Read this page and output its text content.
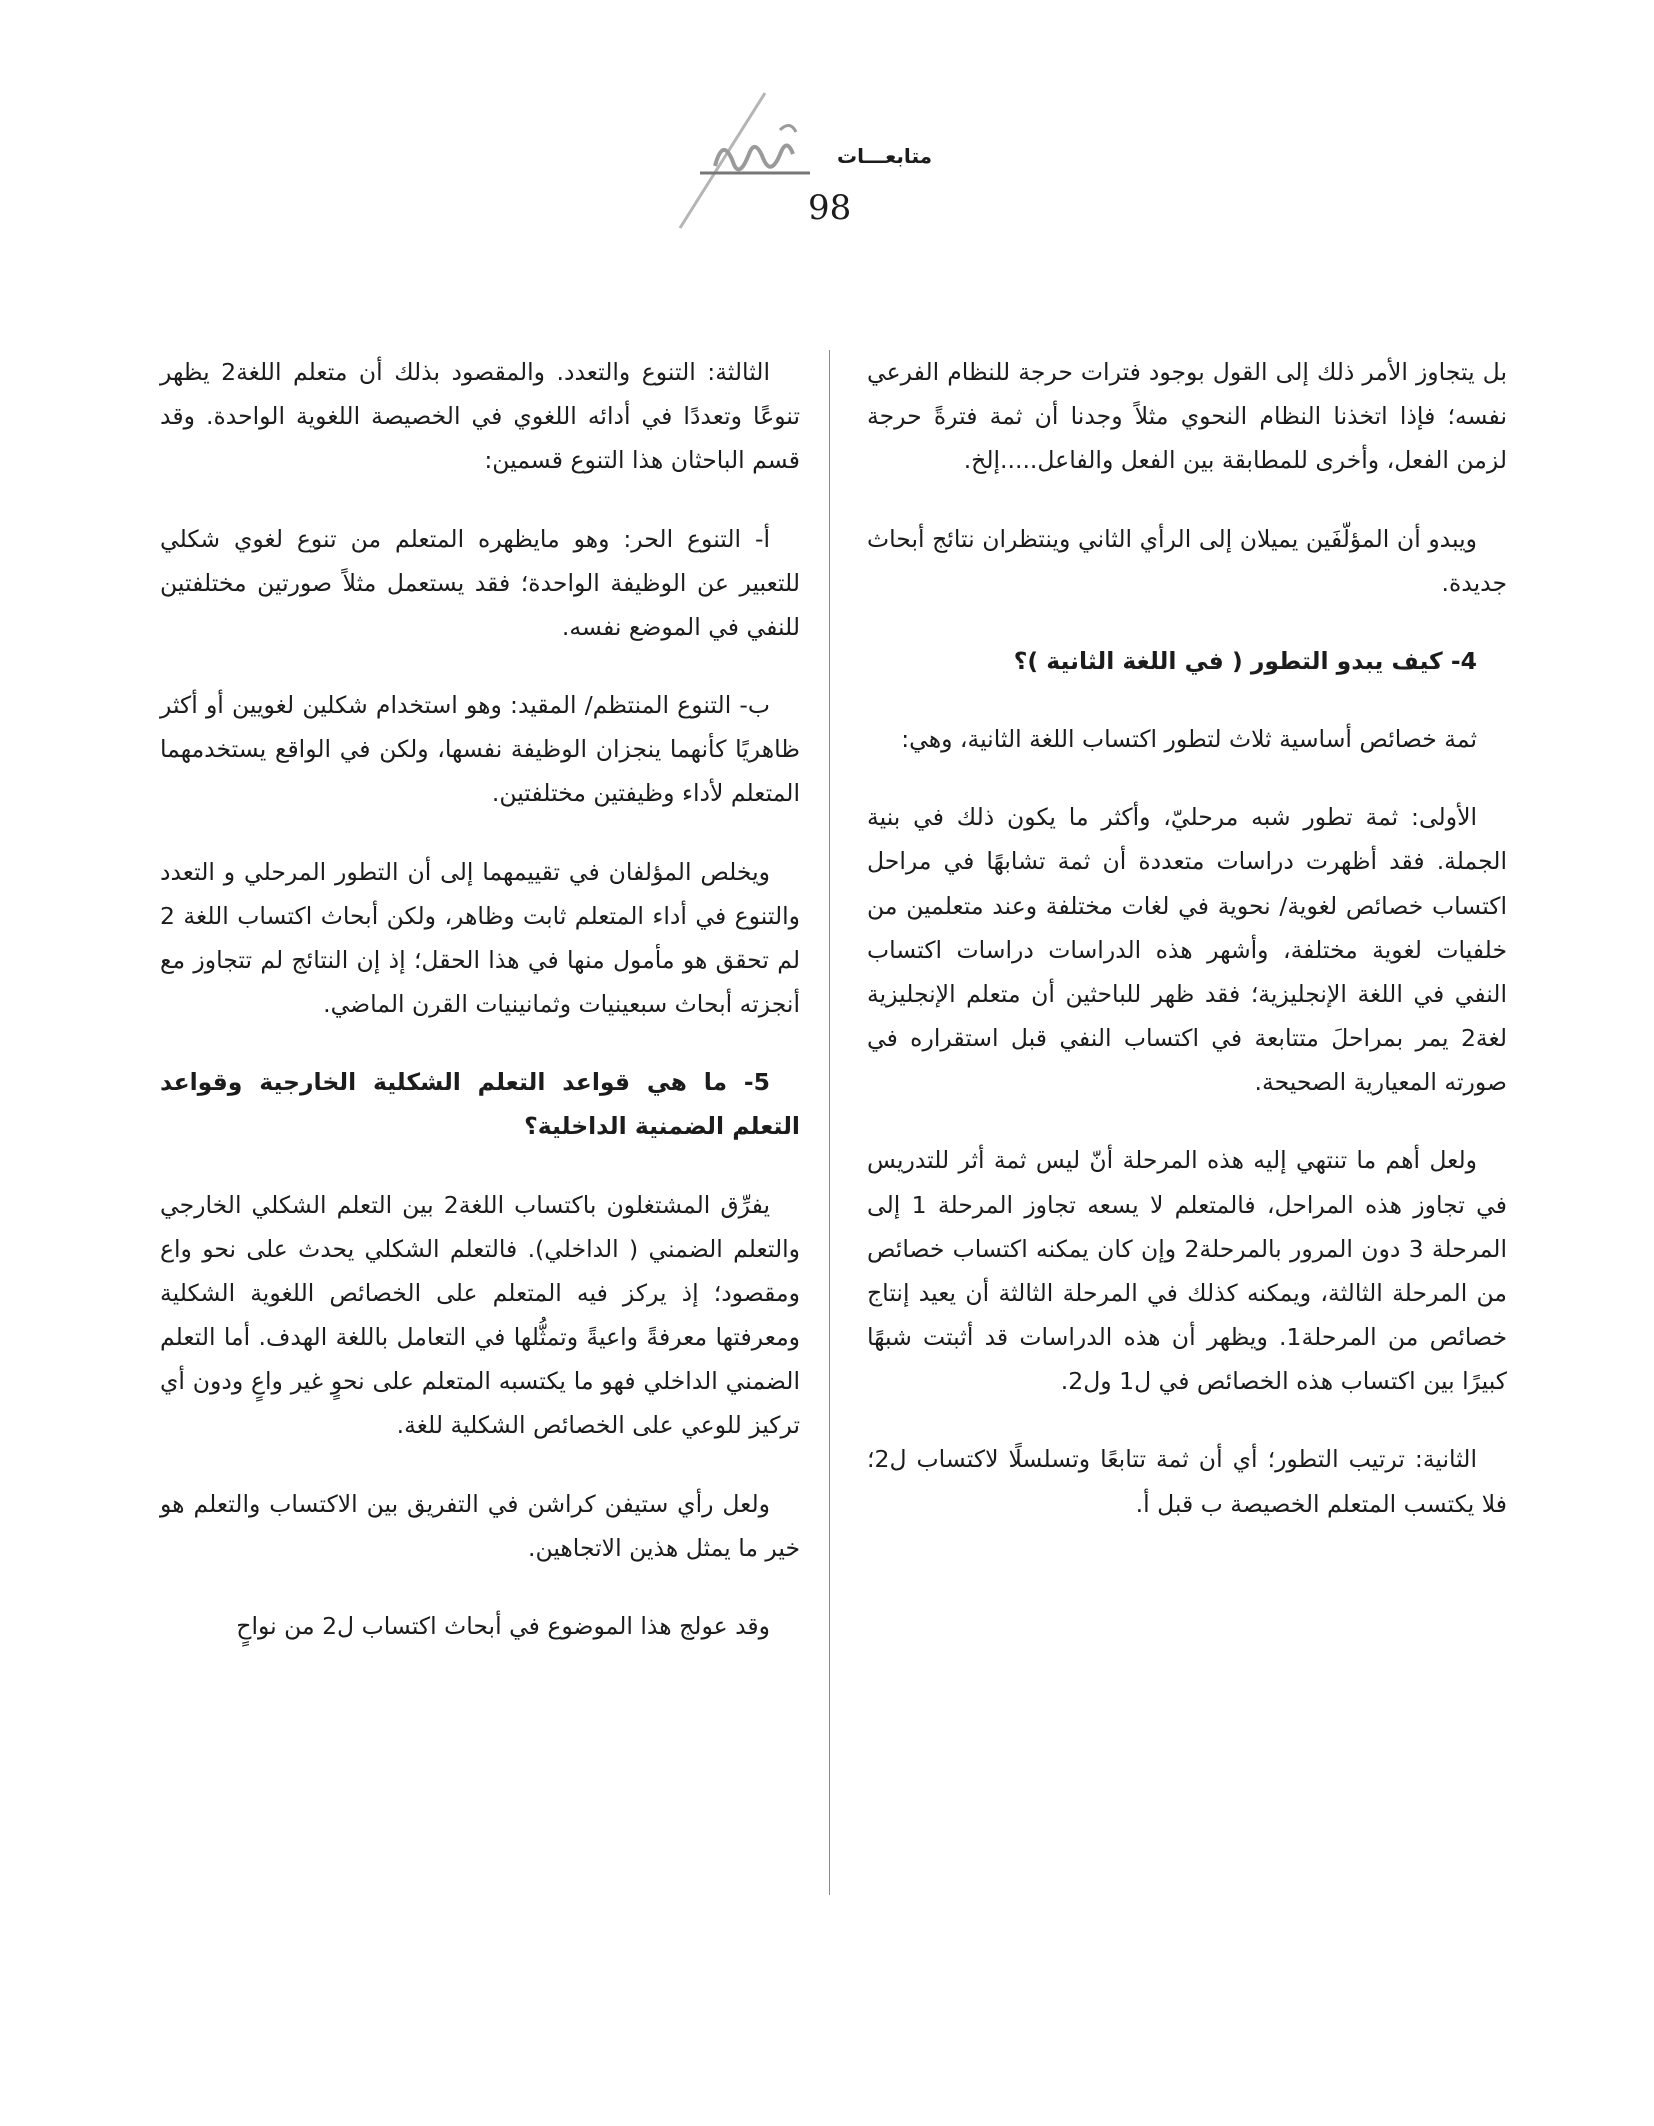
متابعـــات
98

بل يتجاوز الأمر ذلك إلى القول بوجود فترات حرجة للنظام الفرعي نفسه؛ فإذا اتخذنا النظام النحوي مثلاً وجدنا أن ثمة فترةً حرجة لزمن الفعل، وأخرى للمطابقة بين الفعل والفاعل.....إلخ.

ويبدو أن المؤلّفَين يميلان إلى الرأي الثاني وينتظران نتائج أبحاث جديدة.

4- كيف يبدو التطور ( في اللغة الثانية )؟

ثمة خصائص أساسية ثلاث لتطور اكتساب اللغة الثانية، وهي:

الأولى: ثمة تطور شبه مرحليّ، وأكثر ما يكون ذلك في بنية الجملة. فقد أظهرت دراسات متعددة أن ثمة تشابهًا في مراحل اكتساب خصائص لغوية/ نحوية في لغات مختلفة وعند متعلمين من خلفيات لغوية مختلفة، وأشهر هذه الدراسات دراسات اكتساب النفي في اللغة الإنجليزية؛ فقد ظهر للباحثين أن متعلم الإنجليزية لغة2 يمر بمراحلَ متتابعة في اكتساب النفي قبل استقراره في صورته المعيارية الصحيحة.

ولعل أهم ما تنتهي إليه هذه المرحلة أنّ ليس ثمة أثر للتدريس في تجاوز هذه المراحل، فالمتعلم لا يسعه تجاوز المرحلة 1 إلى المرحلة 3 دون المرور بالمرحلة2 وإن كان يمكنه اكتساب خصائص من المرحلة الثالثة، ويمكنه كذلك في المرحلة الثالثة أن يعيد إنتاج خصائص من المرحلة1. ويظهر أن هذه الدراسات قد أثبتت شبهًا كبيرًا بين اكتساب هذه الخصائص في ل1 ول2.

الثانية: ترتيب التطور؛ أي أن ثمة تتابعًا وتسلسلًا لاكتساب ل2؛ فلا يكتسب المتعلم الخصيصة ب قبل أ.

الثالثة: التنوع والتعدد. والمقصود بذلك أن متعلم اللغة2 يظهر تنوعًا وتعددًا في أدائه اللغوي في الخصيصة اللغوية الواحدة. وقد قسم الباحثان هذا التنوع قسمين:

أ- التنوع الحر: وهو مايظهره المتعلم من تنوع لغوي شكلي للتعبير عن الوظيفة الواحدة؛ فقد يستعمل مثلاً صورتين مختلفتين للنفي في الموضع نفسه.

ب- التنوع المنتظم/ المقيد: وهو استخدام شكلين لغويين أو أكثر ظاهريًا كأنهما ينجزان الوظيفة نفسها، ولكن في الواقع يستخدمهما المتعلم لأداء وظيفتين مختلفتين.

ويخلص المؤلفان في تقييمهما إلى أن التطور المرحلي و التعدد والتنوع في أداء المتعلم ثابت وظاهر، ولكن أبحاث اكتساب اللغة 2 لم تحقق هو مأمول منها في هذا الحقل؛ إذ إن النتائج لم تتجاوز مع أنجزته أبحاث سبعينيات وثمانينيات القرن الماضي.

5- ما هي قواعد التعلم الشكلية الخارجية وقواعد التعلم الضمنية الداخلية؟

يفرِّق المشتغلون باكتساب اللغة2 بين التعلم الشكلي الخارجي والتعلم الضمني ( الداخلي). فالتعلم الشكلي يحدث على نحو واع ومقصود؛ إذ يركز فيه المتعلم على الخصائص اللغوية الشكلية ومعرفتها معرفةً واعيةً وتمثُّلها في التعامل باللغة الهدف. أما التعلم الضمني الداخلي فهو ما يكتسبه المتعلم على نحوٍ غير واعٍ ودون أي تركيز للوعي على الخصائص الشكلية للغة.

ولعل رأي ستيفن كراشن في التفريق بين الاكتساب والتعلم هو خير ما يمثل هذين الاتجاهين.

وقد عولج هذا الموضوع في أبحاث اكتساب ل2 من نواحٍ
